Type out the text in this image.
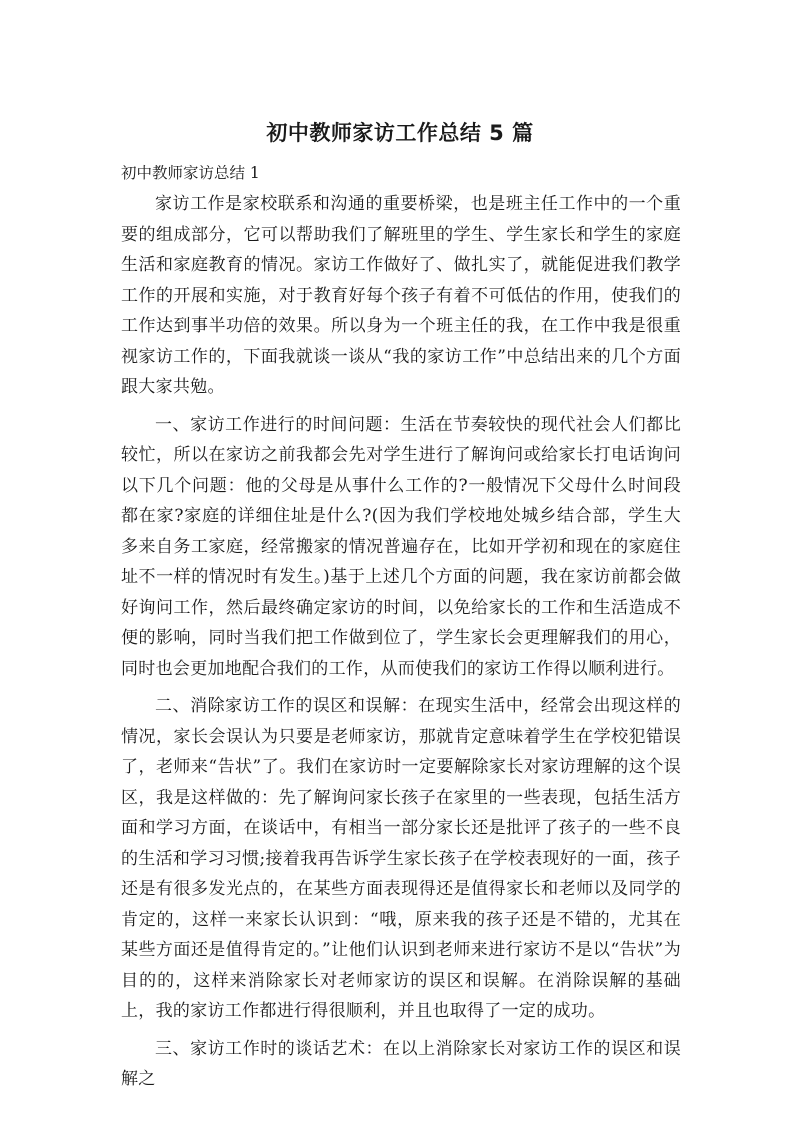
初中教师家访工作总结 5 篇
初中教师家访总结 1

家访工作是家校联系和沟通的重要桥梁，也是班主任工作中的一个重要的组成部分，它可以帮助我们了解班里的学生、学生家长和学生的家庭生活和家庭教育的情况。家访工作做好了、做扎实了，就能促进我们教学工作的开展和实施，对于教育好每个孩子有着不可低估的作用，使我们的工作达到事半功倍的效果。所以身为一个班主任的我，在工作中我是很重视家访工作的，下面我就谈一谈从“我的家访工作”中总结出来的几个方面跟大家共勉。

一、家访工作进行的时间问题：生活在节奏较快的现代社会人们都比较忙，所以在家访之前我都会先对学生进行了解询问或给家长打电话询问以下几个问题：他的父母是从事什么工作的?一般情况下父母什么时间段都在家?家庭的详细住址是什么?(因为我们学校地处城乡结合部，学生大多来自务工家庭，经常搬家的情况普遍存在，比如开学初和现在的家庭住址不一样的情况时有发生。)基于上述几个方面的问题，我在家访前都会做好询问工作，然后最终确定家访的时间，以免给家长的工作和生活造成不便的影响，同时当我们把工作做到位了，学生家长会更理解我们的用心，同时也会更加地配合我们的工作，从而使我们的家访工作得以顺利进行。

二、消除家访工作的误区和误解：在现实生活中，经常会出现这样的情况，家长会误认为只要是老师家访，那就肯定意味着学生在学校犯错误了，老师来“告状”了。我们在家访时一定要解除家长对家访理解的这个误区，我是这样做的：先了解询问家长孩子在家里的一些表现，包括生活方面和学习方面，在谈话中，有相当一部分家长还是批评了孩子的一些不良的生活和学习习惯;接着我再告诉学生家长孩子在学校表现好的一面，孩子还是有很多发光点的，在某些方面表现得还是值得家长和老师以及同学的肯定的，这样一来家长认识到：“哦，原来我的孩子还是不错的，尤其在某些方面还是值得肯定的。”让他们认识到老师来进行家访不是以“告状”为目的的，这样来消除家长对老师家访的误区和误解。在消除误解的基础上，我的家访工作都进行得很顺利，并且也取得了一定的成功。

三、家访工作时的谈话艺术：在以上消除家长对家访工作的误区和误解之
